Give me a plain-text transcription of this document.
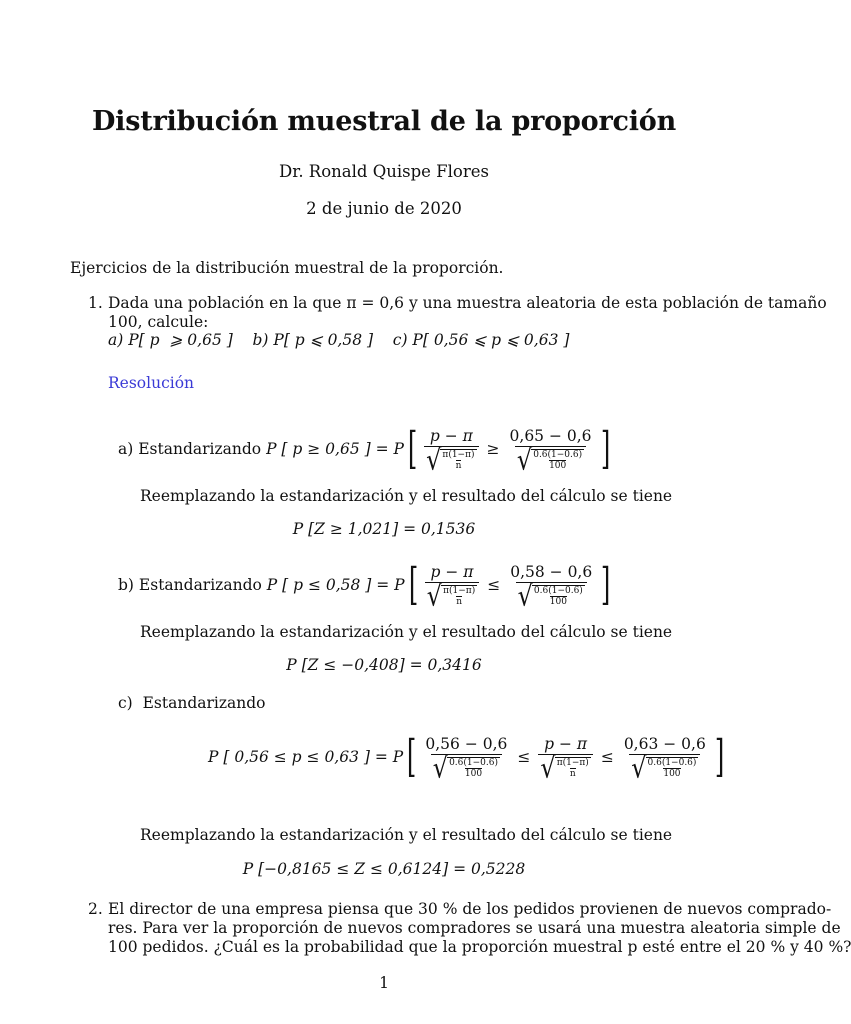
Distribución muestral de la proporción
Dr. Ronald Quispe Flores
2 de junio de 2020
Ejercicios de la distribución muestral de la proporción.
1. Dada una población en la que π = 0,6 y una muestra aleatoria de esta población de tamaño
100, calcule:
a) P[ p  ⩾ 0,65 ]    b) P[ p ⩽ 0,58 ]    c) P[ 0,56 ⩽ p ⩽ 0,63 ]
Resolución
a)
Estandarizando
P [ p ≥ 0,65 ] = P [ $\frac{p - \pi}{√ \frac{\pi(1-\pi)}{n}} \ge \frac{0,65 - 0,6}{√ \frac{0.6(1-0.6)}{100}}$ ]
Reemplazando la estandarización y el resultado del cálculo se tiene
P [Z ≥ 1,021] = 0,1536
b)
Estandarizando
P [ p ≤ 0,58 ] = P [ $\frac{p - \pi}{√ \frac{\pi(1-\pi)}{n}} \le \frac{0,58 - 0,6}{√ \frac{0.6(1-0.6)}{100}}$ ]
Reemplazando la estandarización y el resultado del cálculo se tiene
P [Z ≤ −0,408] = 0,3416
c) Estandarizando
P [ 0,56 ≤ p ≤ 0,63 ] = P [ $\frac{0,56 - 0,6}{√ \frac{0.6(1-0.6)}{100}} \le \frac{p - \pi}{√ \frac{\pi(1-\pi)}{n}} \le \frac{0,63 - 0,6}{√ \frac{0.6(1-0.6)}{100}}$ ]
Reemplazando la estandarización y el resultado del cálculo se tiene
P [−0,8165 ≤ Z ≤ 0,6124] = 0,5228
2. El director de una empresa piensa que 30 % de los pedidos provienen de nuevos comprado-
res. Para ver la proporción de nuevos compradores se usará una muestra aleatoria simple de
100 pedidos. ¿Cuál es la probabilidad que la proporción muestral p esté entre el 20 % y 40 %?
1
